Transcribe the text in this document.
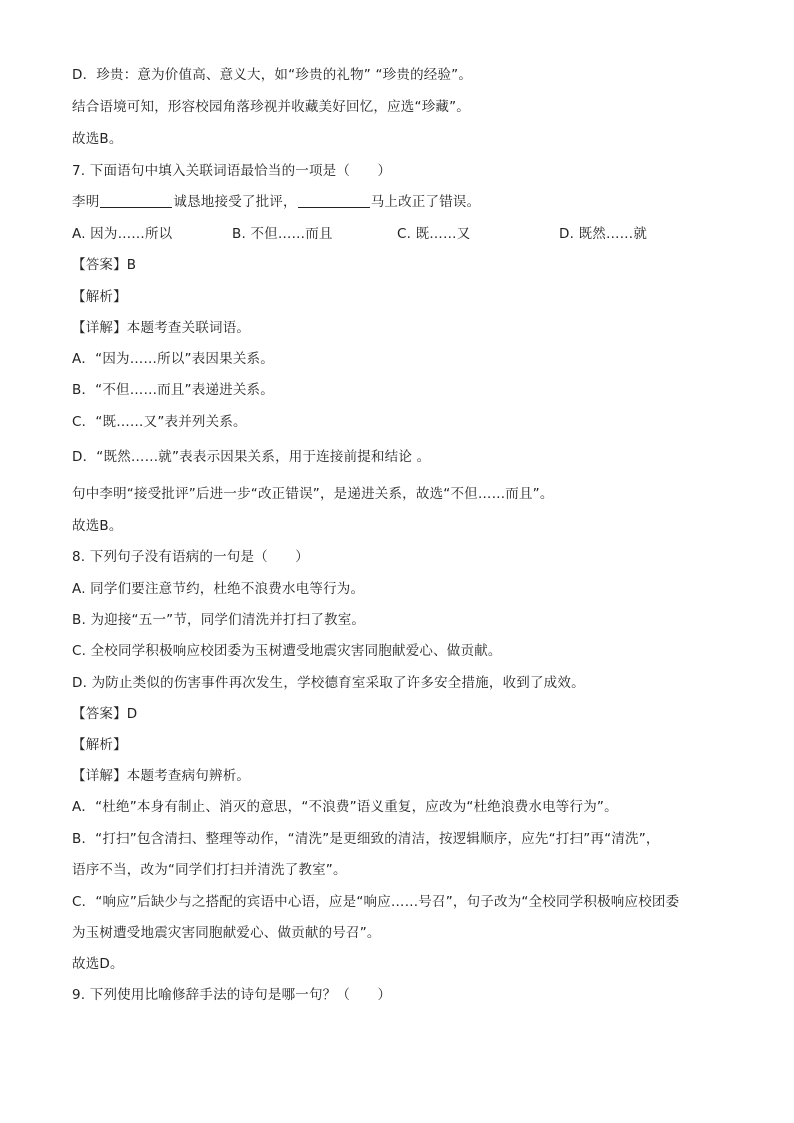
D．珍贵：意为价值高、意义大，如“珍贵的礼物” “珍贵的经验”。
结合语境可知，形容校园角落珍视并收藏美好回忆，应选“珍藏”。
故选B。
7. 下面语句中填入关联词语最恰当的一项是（　　）
李明	诚恳地接受了批评，	马上改正了错误。
A. 因为……所以	B. 不但……而且	C. 既……又	D. 既然……就
【答案】B
【解析】
【详解】本题考查关联词语。
A．“因为……所以”表因果关系。
B．“不但……而且”表递进关系。
C．“既……又”表并列关系。
D．“既然……就”表表示因果关系，用于连接前提和结论 。
句中李明“接受批评”后进一步“改正错误”，是递进关系，故选“不但……而且”。
故选B。
8. 下列句子没有语病的一句是（　　）
A. 同学们要注意节约，杜绝不浪费水电等行为。
B. 为迎接“五一”节，同学们清洗并打扫了教室。
C. 全校同学积极响应校团委为玉树遭受地震灾害同胞献爱心、做贡献。
D. 为防止类似的伤害事件再次发生，学校德育室采取了许多安全措施，收到了成效。
【答案】D
【解析】
【详解】本题考查病句辨析。
A．“杜绝”本身有制止、消灭的意思，“不浪费”语义重复，应改为“杜绝浪费水电等行为”。
B．“打扫”包含清扫、整理等动作，“清洗”是更细致的清洁，按逻辑顺序，应先“打扫”再“清洗”，
语序不当，改为“同学们打扫并清洗了教室”。
C．“响应”后缺少与之搭配的宾语中心语，应是“响应……号召”，句子改为“全校同学积极响应校团委
为玉树遭受地震灾害同胞献爱心、做贡献的号召”。
故选D。
9. 下列使用比喻修辞手法的诗句是哪一句？（　　）
